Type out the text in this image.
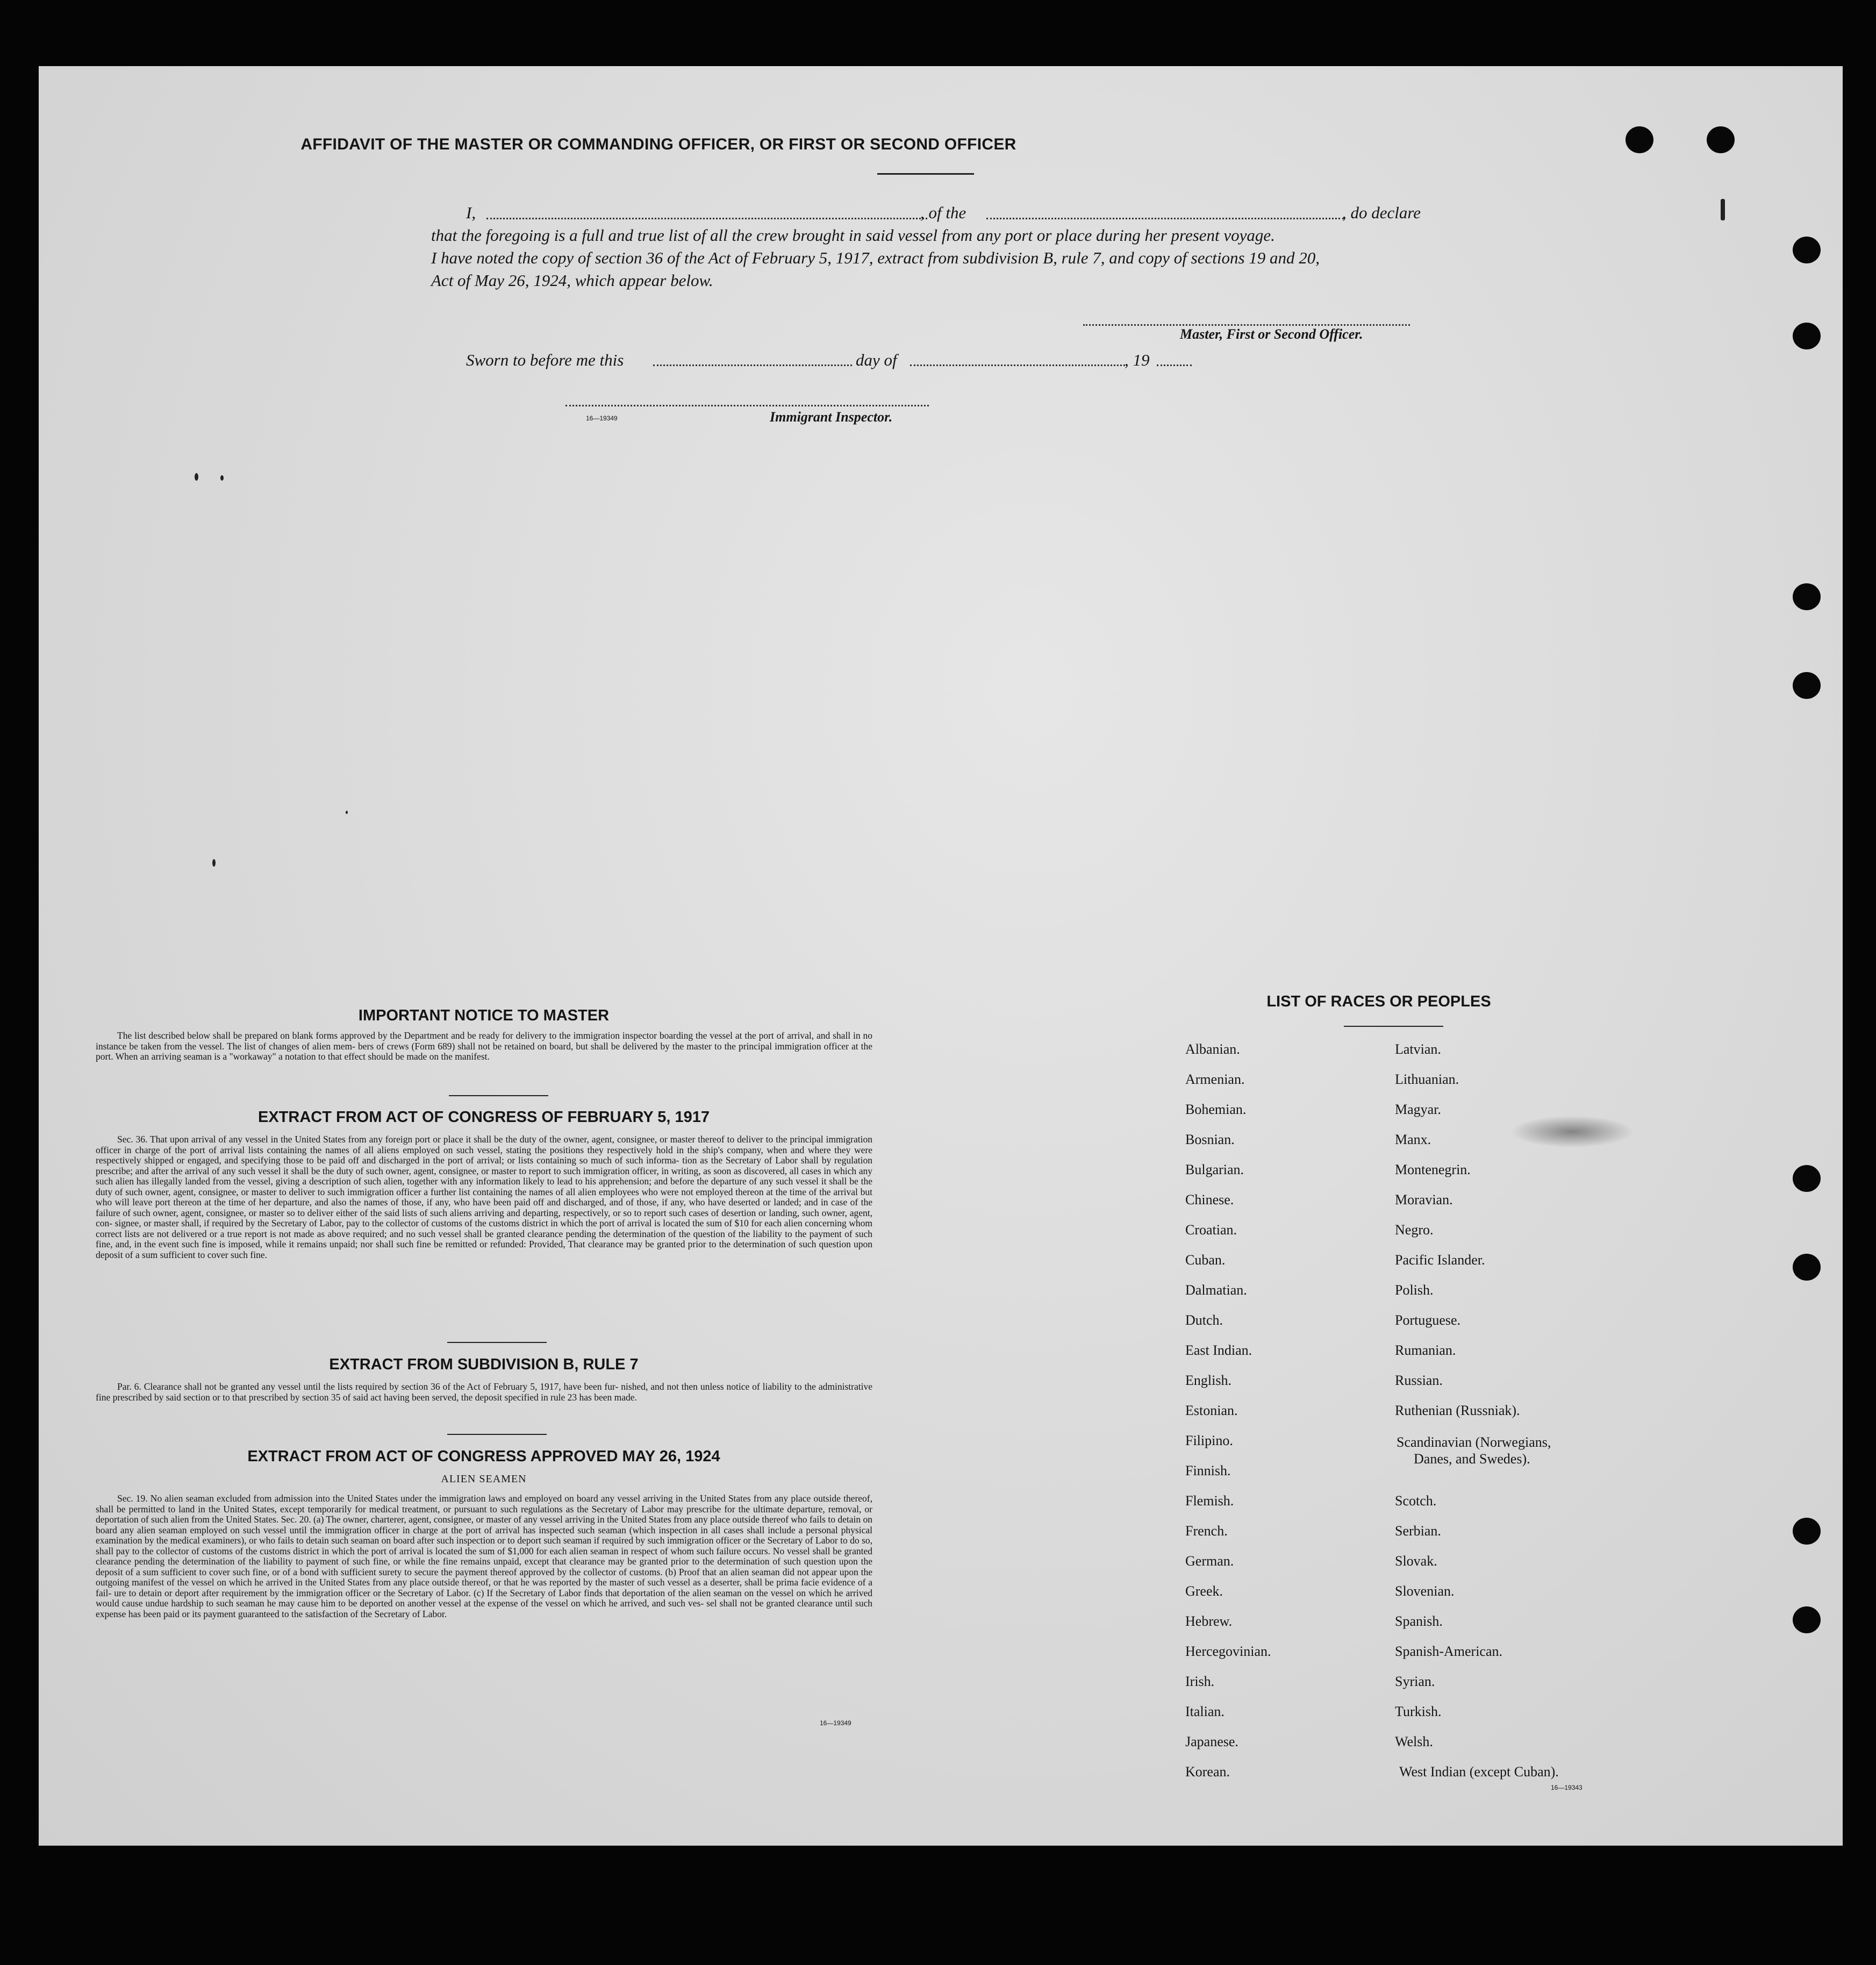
AFFIDAVIT OF THE MASTER OR COMMANDING OFFICER, OR FIRST OR SECOND OFFICER
I,	, of the	, do declare
that the foregoing is a full and true list of all the crew brought in said vessel from any port or place during her present voyage.
I have noted the copy of section 36 of the Act of February 5, 1917, extract from subdivision B, rule 7, and copy of sections 19 and 20,
Act of May 26, 1924, which appear below.
Master, First or Second Officer.
Sworn to before me this	day of	, 19
16—19349	Immigrant Inspector.
IMPORTANT NOTICE TO MASTER
The list described below shall be prepared on blank forms approved by the Department and be ready for delivery to the immigration inspector boarding the vessel at the port of arrival, and shall in no instance be taken from the vessel. The list of changes of alien mem- bers of crews (Form 689) shall not be retained on board, but shall be delivered by the master to the principal immigration officer at the port. When an arriving seaman is a "workaway" a notation to that effect should be made on the manifest.
EXTRACT FROM ACT OF CONGRESS OF FEBRUARY 5, 1917
Sec. 36. That upon arrival of any vessel in the United States from any foreign port or place it shall be the duty of the owner, agent, consignee, or master thereof to deliver to the principal immigration officer in charge of the port of arrival lists containing the names of all aliens employed on such vessel, stating the positions they respectively hold in the ship's company, when and where they were respectively shipped or engaged, and specifying those to be paid off and discharged in the port of arrival; or lists containing so much of such informa- tion as the Secretary of Labor shall by regulation prescribe; and after the arrival of any such vessel it shall be the duty of such owner, agent, consignee, or master to report to such immigration officer, in writing, as soon as discovered, all cases in which any such alien has illegally landed from the vessel, giving a description of such alien, together with any information likely to lead to his apprehension; and before the departure of any such vessel it shall be the duty of such owner, agent, consignee, or master to deliver to such immigration officer a further list containing the names of all alien employees who were not employed thereon at the time of the arrival but who will leave port thereon at the time of her departure, and also the names of those, if any, who have been paid off and discharged, and of those, if any, who have deserted or landed; and in case of the failure of such owner, agent, consignee, or master so to deliver either of the said lists of such aliens arriving and departing, respectively, or so to report such cases of desertion or landing, such owner, agent, con- signee, or master shall, if required by the Secretary of Labor, pay to the collector of customs of the customs district in which the port of arrival is located the sum of $10 for each alien concerning whom correct lists are not delivered or a true report is not made as above required; and no such vessel shall be granted clearance pending the determination of the question of the liability to the payment of such fine, and, in the event such fine is imposed, while it remains unpaid; nor shall such fine be remitted or refunded: Provided, That clearance may be granted prior to the determination of such question upon deposit of a sum sufficient to cover such fine.
EXTRACT FROM SUBDIVISION B, RULE 7
Par. 6. Clearance shall not be granted any vessel until the lists required by section 36 of the Act of February 5, 1917, have been fur- nished, and not then unless notice of liability to the administrative fine prescribed by said section or to that prescribed by section 35 of said act having been served, the deposit specified in rule 23 has been made.
EXTRACT FROM ACT OF CONGRESS APPROVED MAY 26, 1924
ALIEN SEAMEN
Sec. 19. No alien seaman excluded from admission into the United States under the immigration laws and employed on board any vessel arriving in the United States from any place outside thereof, shall be permitted to land in the United States, except temporarily for medical treatment, or pursuant to such regulations as the Secretary of Labor may prescribe for the ultimate departure, removal, or deportation of such alien from the United States. Sec. 20. (a) The owner, charterer, agent, consignee, or master of any vessel arriving in the United States from any place outside thereof who fails to detain on board any alien seaman employed on such vessel until the immigration officer in charge at the port of arrival has inspected such seaman (which inspection in all cases shall include a personal physical examination by the medical examiners), or who fails to detain such seaman on board after such inspection or to deport such seaman if required by such immigration officer or the Secretary of Labor to do so, shall pay to the collector of customs of the customs district in which the port of arrival is located the sum of $1,000 for each alien seaman in respect of whom such failure occurs. No vessel shall be granted clearance pending the determination of the liability to payment of such fine, or while the fine remains unpaid, except that clearance may be granted prior to the determination of such question upon the deposit of a sum sufficient to cover such fine, or of a bond with sufficient surety to secure the payment thereof approved by the collector of customs. (b) Proof that an alien seaman did not appear upon the outgoing manifest of the vessel on which he arrived in the United States from any place outside thereof, or that he was reported by the master of such vessel as a deserter, shall be prima facie evidence of a fail- ure to detain or deport after requirement by the immigration officer or the Secretary of Labor. (c) If the Secretary of Labor finds that deportation of the alien seaman on the vessel on which he arrived would cause undue hardship to such seaman he may cause him to be deported on another vessel at the expense of the vessel on which he arrived, and such ves- sel shall not be granted clearance until such expense has been paid or its payment guaranteed to the satisfaction of the Secretary of Labor.
16—19349
LIST OF RACES OR PEOPLES
Albanian.
Armenian.
Bohemian.
Bosnian.
Bulgarian.
Chinese.
Croatian.
Cuban.
Dalmatian.
Dutch.
East Indian.
English.
Estonian.
Filipino.
Finnish.
Flemish.
French.
German.
Greek.
Hebrew.
Hercegovinian.
Irish.
Italian.
Japanese.
Korean.
Latvian.
Lithuanian.
Magyar.
Manx.
Montenegrin.
Moravian.
Negro.
Pacific Islander.
Polish.
Portuguese.
Rumanian.
Russian.
Ruthenian (Russniak).
Scandinavian (Norwegians,
Danes, and Swedes).
Scotch.
Serbian.
Slovak.
Slovenian.
Spanish.
Spanish-American.
Syrian.
Turkish.
Welsh.
West Indian (except Cuban).
16—19343
